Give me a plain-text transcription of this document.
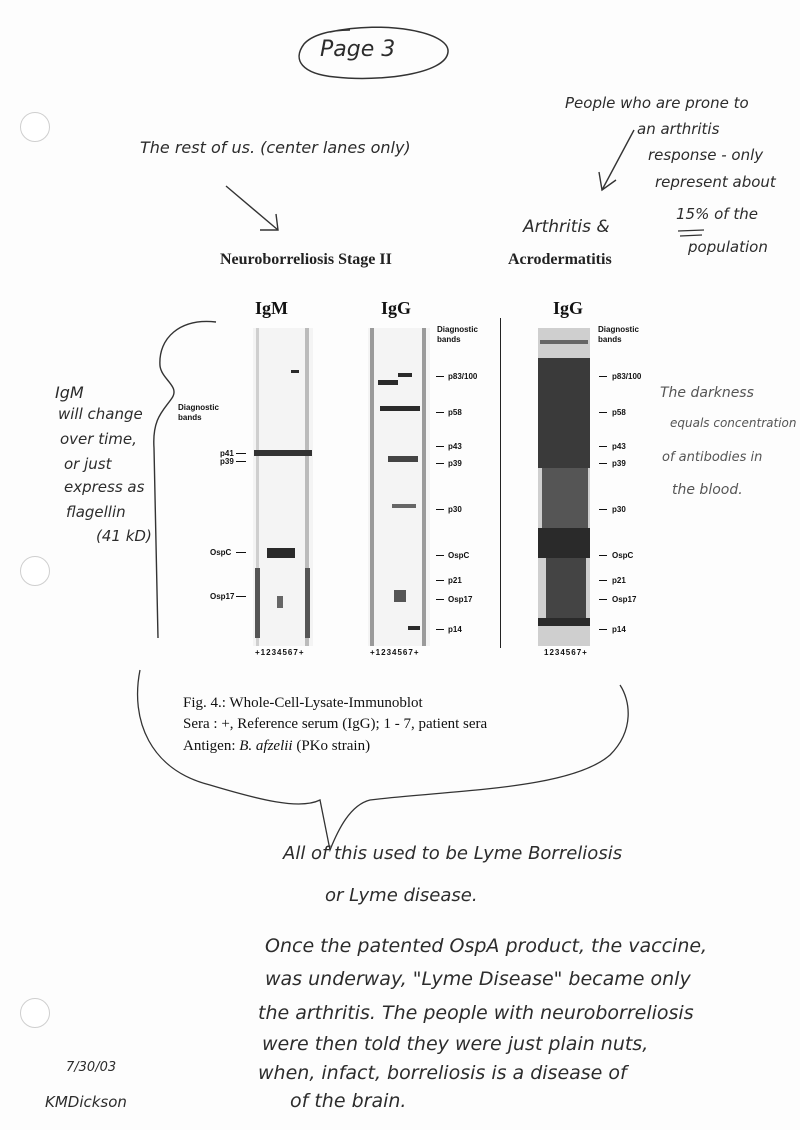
Page 3
The rest of us. (center lanes only)
People who are prone to
an arthritis
response - only
represent about
15% of the
population
Arthritis &
Neuroborreliosis Stage II	Acrodermatitis
IgM	IgG	IgG
Diagnostic bands
p41
p39
OspC
Osp17
+1234567+	+1234567+
Diagnostic bands
p83/100
p58
p43
p39
p30
OspC
p21
Osp17
p14
1234567+
Diagnostic bands
p83/100
p58
p43
p39
p30
OspC
p21
Osp17
p14
IgM
will change
over time,
or just
express as
flagellin
(41 kD)
The darkness
equals concentration
of antibodies in
the blood.
Fig. 4.: Whole-Cell-Lysate-Immunoblot
Sera : +, Reference serum (IgG); 1 - 7, patient sera
Antigen: B. afzelii (PKo strain)
All of this used to be Lyme Borreliosis
or Lyme disease.
Once the patented OspA product, the vaccine,
was underway, "Lyme Disease" became only
the arthritis. The people with neuroborreliosis
were then told they were just plain nuts,
when, infact, borreliosis is a disease of
of the brain.
7/30/03
KMDickson
